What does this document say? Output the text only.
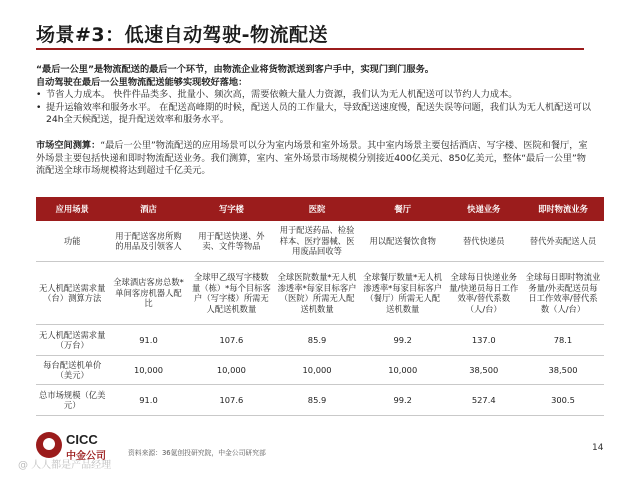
场景#3：低速自动驾驶-物流配送
“最后一公里”是物流配送的最后一个环节，由物流企业将货物派送到客户手中，实现门到门服务。
自动驾驶在最后一公里物流配送能够实现较好落地：
• 节省人力成本。 快件件品类多、批量小、频次高，需要依赖大量人力资源，我们认为无人机配送可以节约人力成本。
• 提升运输效率和服务水平。 在配送高峰期的时候，配送人员的工作量大，导致配送速度慢，配送失误等问题，我们认为无人机配送可以24h全天候配送，提升配送效率和服务水平。
市场空间测算：“最后一公里”物流配送的应用场景可以分为室内场景和室外场景。其中室内场景主要包括酒店、写字楼、医院和餐厅，室外场景主要包括快递和即时物流配送业务。我们测算，室内、室外场景市场规模分别接近400亿美元、850亿美元，整体“最后一公里”物流配送全球市场规模将达到超过千亿美元。
应用场景	酒店	写字楼	医院	餐厅	快递业务	即时物流业务
功能	用于配送客房所购的用品及引领客人	用于配送快递、外卖、文件等物品	用于配送药品、检验样本、医疗器械、医用废品回收等	用以配送餐饮食物	替代快递员	替代外卖配送人员
无人机配送需求量（台）测算方法	全球酒店客房总数*单间客房机器人配比	全球甲乙级写字楼数量（栋）*每个目标客户（写字楼）所需无人配送机数量	全球医院数量*无人机渗透率*每家目标客户（医院）所需无人配送机数量	全球餐厅数量*无人机渗透率*每家目标客户（餐厅）所需无人配送机数量	全球每日快递业务量/快递员每日工作效率/替代系数（人/台）	全球每日即时物流业务量/外卖配送员每日工作效率/替代系数（人/台）
无人机配送需求量（万台）	91.0	107.6	85.9	99.2	137.0	78.1
每台配送机单价（美元）	10,000	10,000	10,000	10,000	38,500	38,500
总市场规模（亿美元）	91.0	107.6	85.9	99.2	527.4	300.5
CICC
中金公司	资料来源：36氪创投研究院，中金公司研究部	14
@ 人人都是产品经理
